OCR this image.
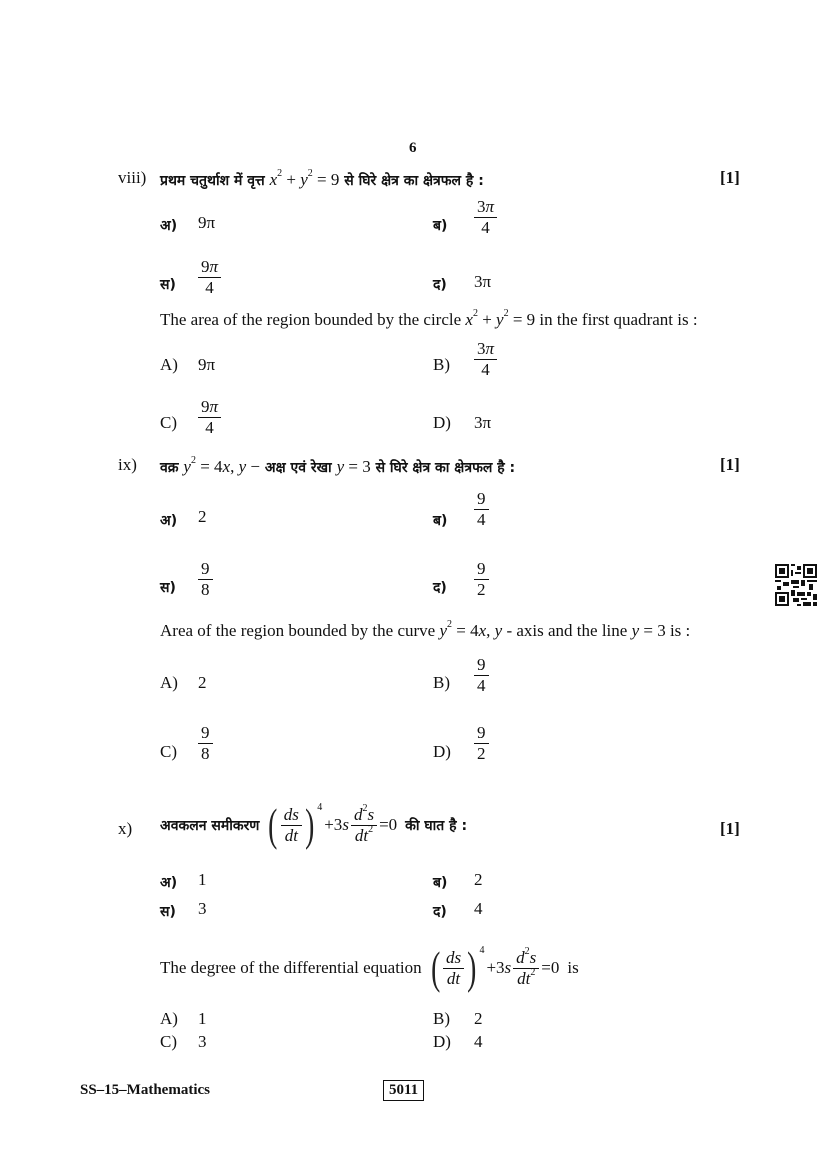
6
viii) प्रथम चतुर्थाश में वृत्त $x^2 + y^2 = 9$ से घिरे क्षेत्र का क्षेत्रफल है :	[1]
अ) 9π	ब) $\frac{3\pi}{4}$
स) $\frac{9\pi}{4}$	द) 3π
The area of the region bounded by the circle $x^2 + y^2 = 9$ in the first quadrant is :
A) 9π	$B) \frac{3\pi}{4}$
$C) \frac{9\pi}{4}$	D) 3π
ix) वक्र $y^2 = 4x$, y − अक्ष एवं रेखा y = 3 से घिरे क्षेत्र का क्षेत्रफल है :	[1]
अ) 2	ब) $\frac{9}{4}$
स) $\frac{9}{8}$	द) $\frac{9}{2}$
Area of the region bounded by the curve $y^2 = 4x$, y - axis and the line y = 3 is :
A) 2	$B) \frac{9}{4}$
$C) \frac{9}{8}$	$D) \frac{9}{2}$
x) अवकलन समीकरण ( $\frac{ds}{dt}$ ) $^4$
$+3s \frac{d^2s}{dt^2} =0$ की घात है :	[1]
अ) 1	ब) 2
स) 3	द) 4
The degree of the differential equation ( $\frac{ds}{dt}$ ) $^4$
$+3s \frac{d^2s}{dt^2} =0$ is
A) 1	B) 2
C) 3	D) 4
SS–15–Mathematics	5011
